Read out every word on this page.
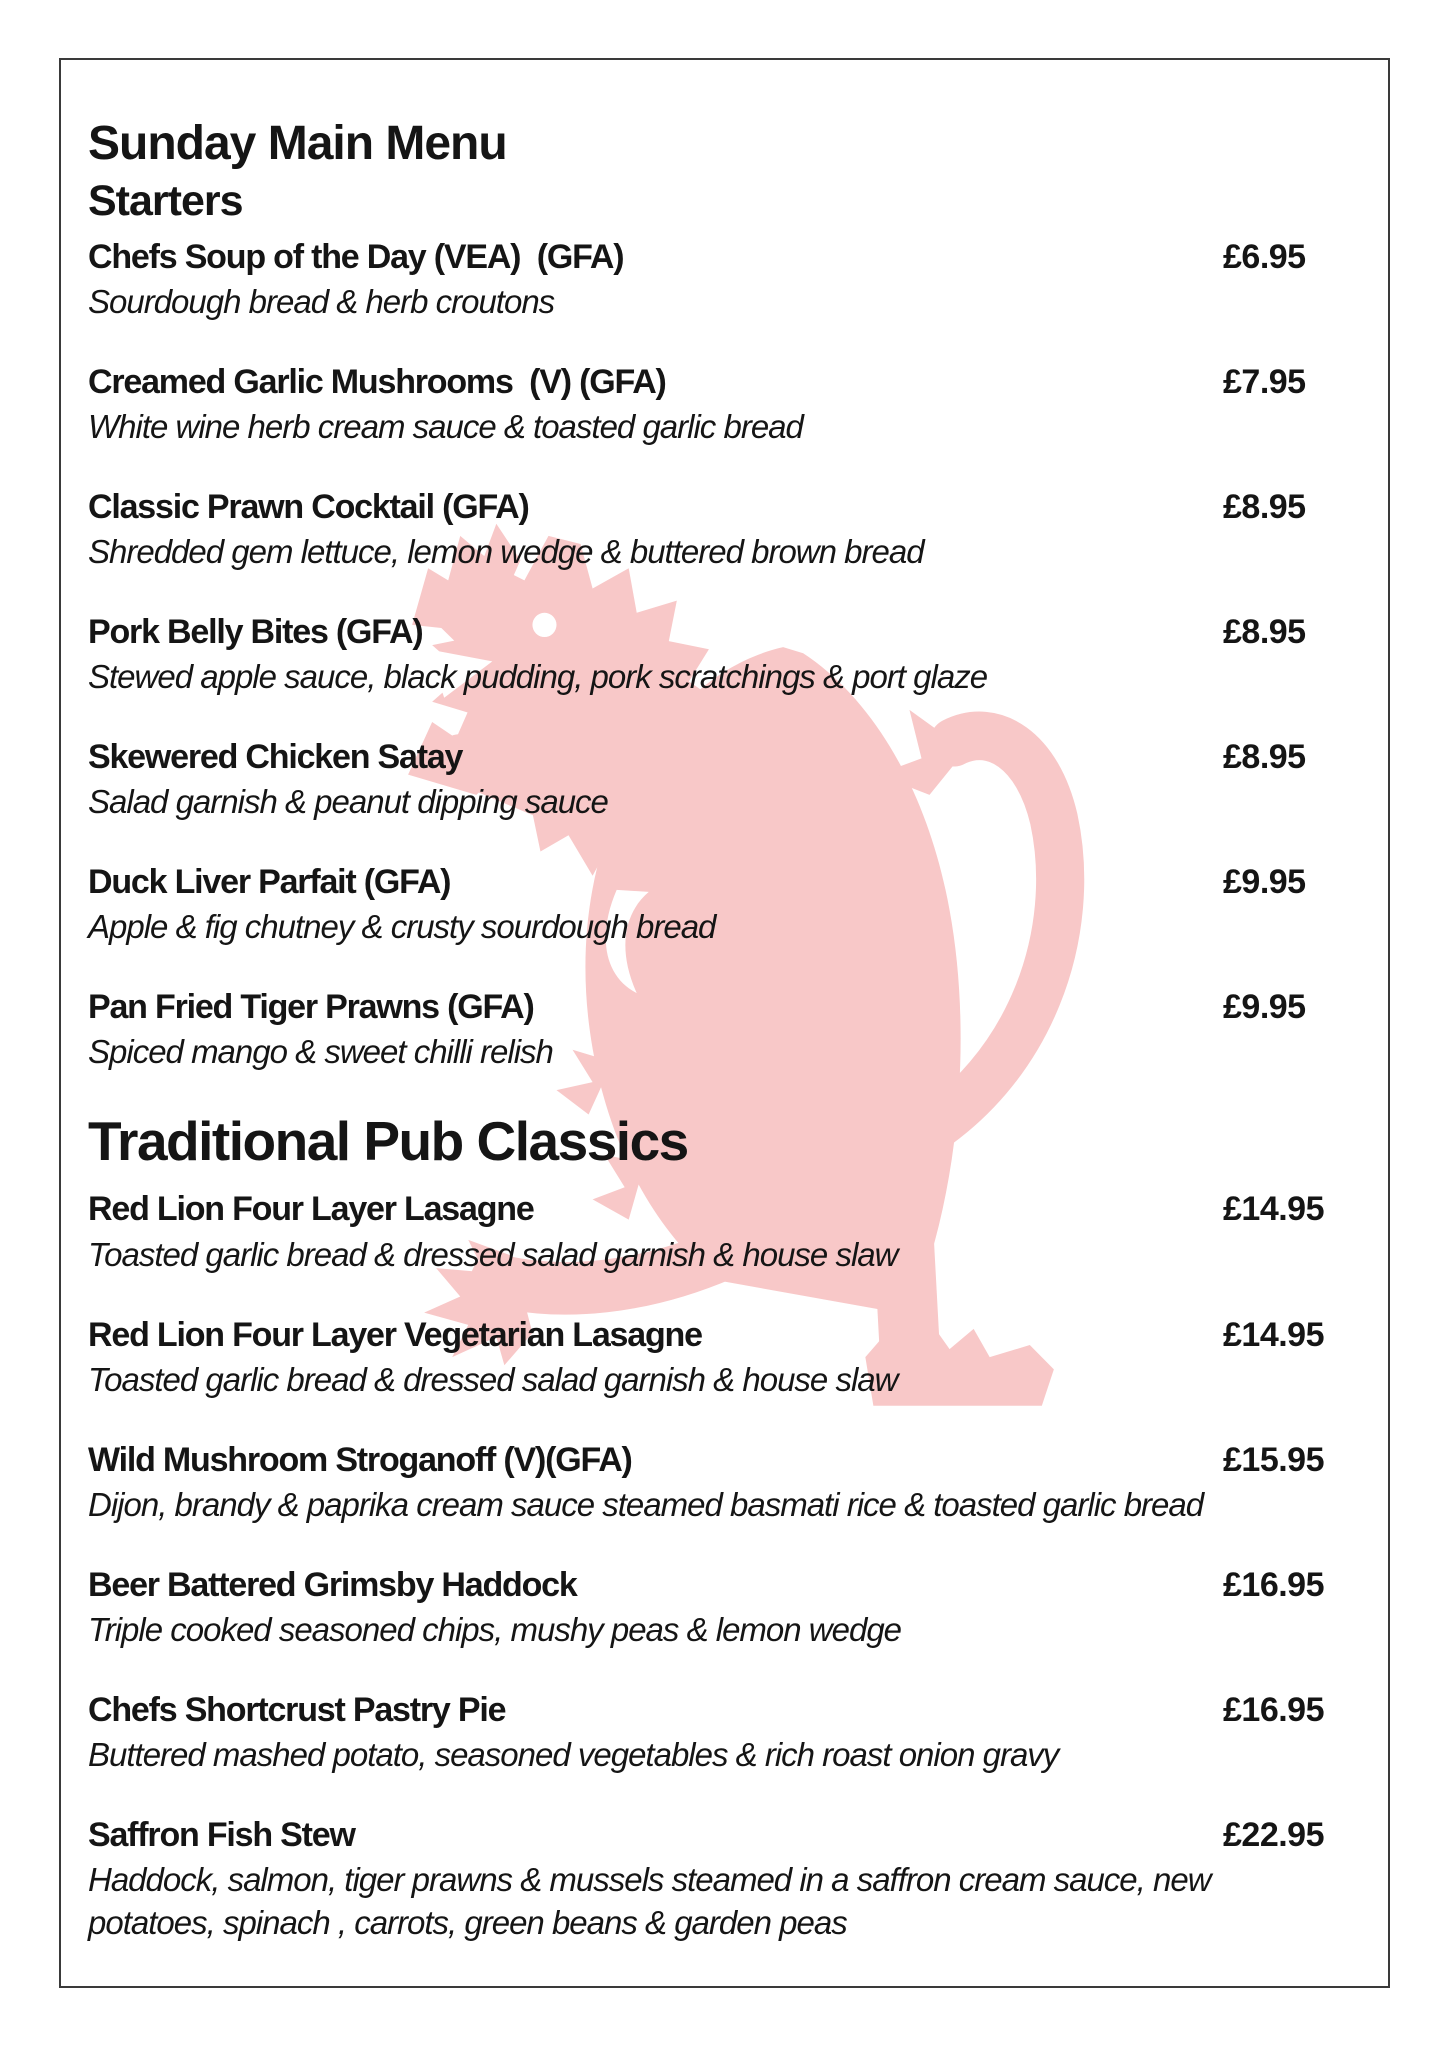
Sunday Main Menu
Starters
Chefs Soup of the Day (VEA)  (GFA)	£6.95
Sourdough bread & herb croutons
Creamed Garlic Mushrooms  (V) (GFA)	£7.95
White wine herb cream sauce & toasted garlic bread
Classic Prawn Cocktail (GFA)	£8.95
Shredded gem lettuce, lemon wedge & buttered brown bread
Pork Belly Bites (GFA)	£8.95
Stewed apple sauce, black pudding, pork scratchings & port glaze
Skewered Chicken Satay	£8.95
Salad garnish & peanut dipping sauce
Duck Liver Parfait (GFA)	£9.95
Apple & fig chutney & crusty sourdough bread
Pan Fried Tiger Prawns (GFA)	£9.95
Spiced mango & sweet chilli relish
Traditional Pub Classics
Red Lion Four Layer Lasagne	£14.95
Toasted garlic bread & dressed salad garnish & house slaw
Red Lion Four Layer Vegetarian Lasagne	£14.95
Toasted garlic bread & dressed salad garnish & house slaw
Wild Mushroom Stroganoff (V)(GFA)	£15.95
Dijon, brandy & paprika cream sauce steamed basmati rice & toasted garlic bread
Beer Battered Grimsby Haddock	£16.95
Triple cooked seasoned chips, mushy peas & lemon wedge
Chefs Shortcrust Pastry Pie	£16.95
Buttered mashed potato, seasoned vegetables & rich roast onion gravy
Saffron Fish Stew	£22.95
Haddock, salmon, tiger prawns & mussels steamed in a saffron cream sauce, new potatoes, spinach , carrots, green beans & garden peas
